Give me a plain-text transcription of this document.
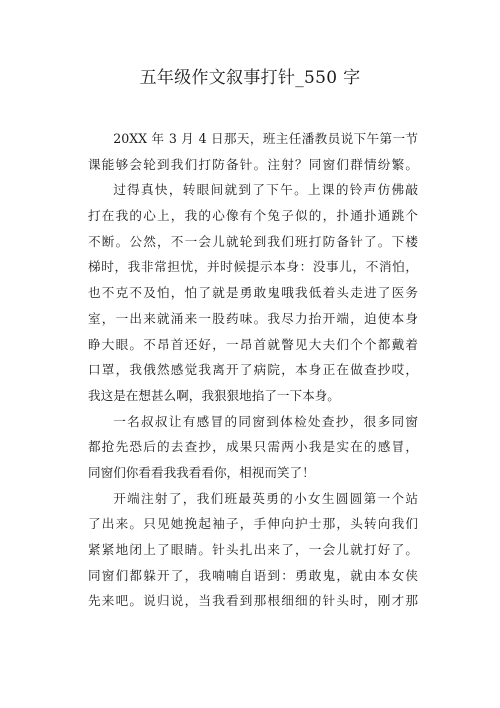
五年级作文叙事打针_550 字
20XX 年 3 月 4 日那天，班主任潘教员说下午第一节
课能够会轮到我们打防备针。注射？同窗们群情纷繁。
过得真快，转眼间就到了下午。上课的铃声仿佛敲
打在我的心上，我的心像有个兔子似的，扑通扑通跳个
不断。公然，不一会儿就轮到我们班打防备针了。下楼
梯时，我非常担忧，并时候提示本身：没事儿，不消怕，
也不克不及怕，怕了就是勇敢鬼哦我低着头走进了医务
室，一出来就涌来一股药味。我尽力抬开端，迫使本身
睁大眼。不昂首还好，一昂首就瞥见大夫们个个都戴着
口罩，我俄然感觉我离开了病院，本身正在做查抄哎，
我这是在想甚么啊，我狠狠地掐了一下本身。
一名叔叔让有感冒的同窗到体检处查抄，很多同窗
都抢先恐后的去查抄，成果只需两小我是实在的感冒，
同窗们你看看我我看看你，相视而笑了！
开端注射了，我们班最英勇的小女生圆圆第一个站
了出来。只见她挽起袖子，手伸向护士那，头转向我们
紧紧地闭上了眼睛。针头扎出来了，一会儿就打好了。
同窗们都躲开了，我喃喃自语到：勇敢鬼，就由本女侠
先来吧。说归说，当我看到那根细细的针头时，刚才那
